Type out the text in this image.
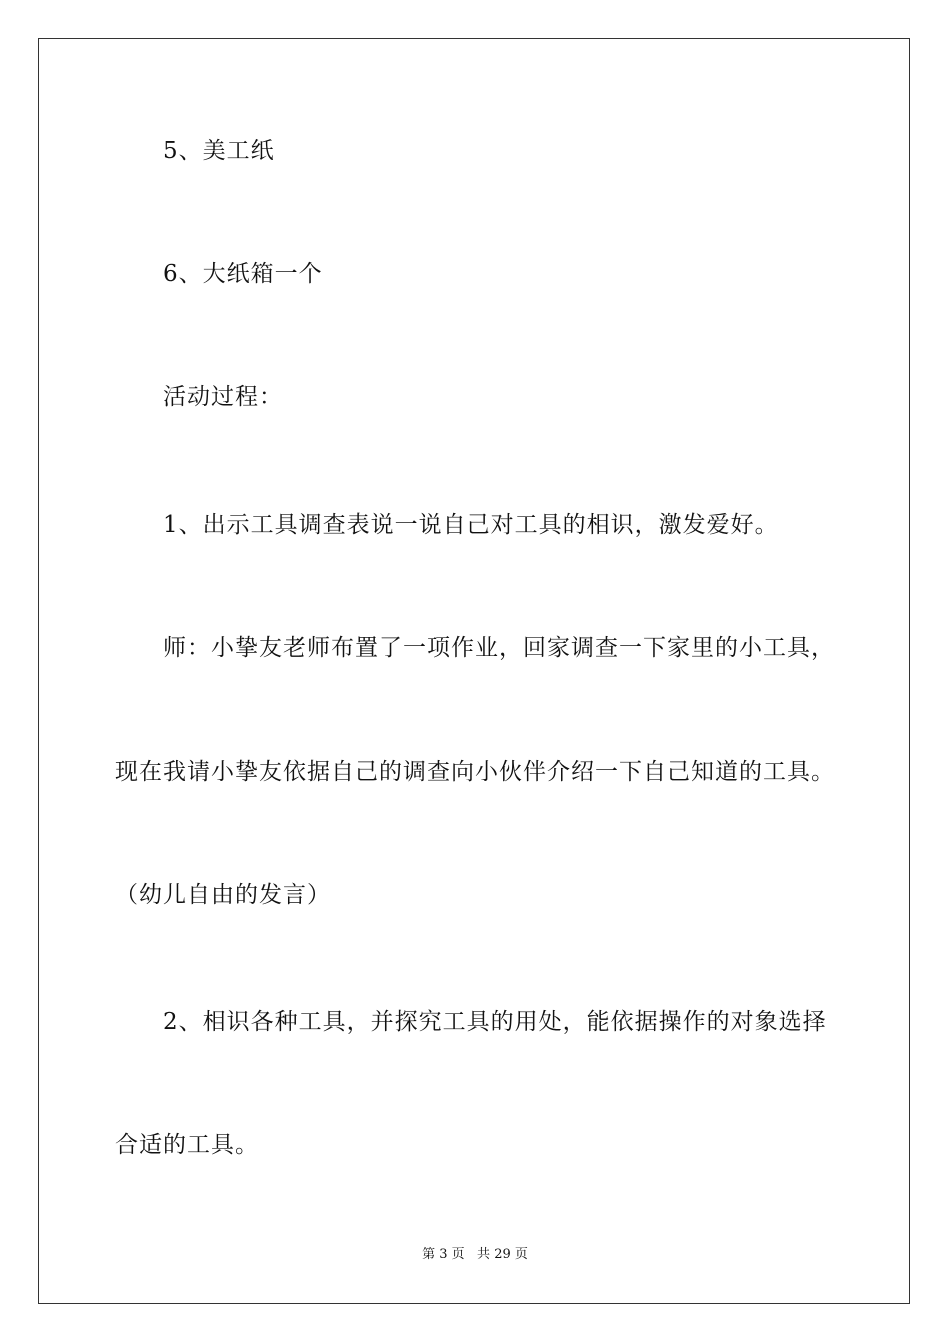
5、美工纸
6、大纸箱一个
活动过程：
1、出示工具调查表说一说自己对工具的相识，激发爱好。
师：小挚友老师布置了一项作业，回家调查一下家里的小工具，
现在我请小挚友依据自己的调查向小伙伴介绍一下自己知道的工具。
（幼儿自由的发言）
2、相识各种工具，并探究工具的用处，能依据操作的对象选择
合适的工具。
第 3 页   共 29 页
